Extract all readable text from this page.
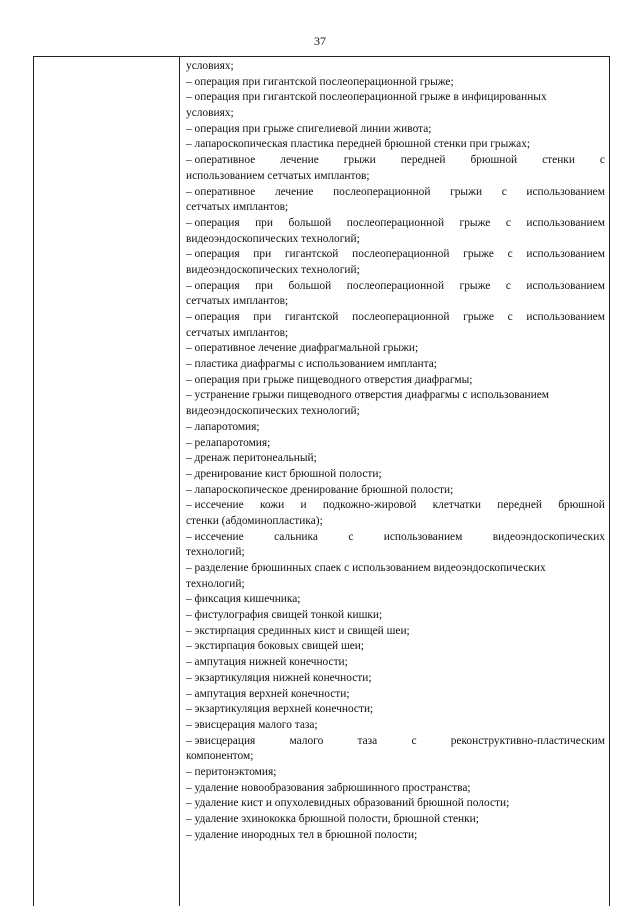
37
условиях;
– операция при гигантской послеоперационной грыже;
– операция при гигантской послеоперационной грыже в инфицированных
условиях;
– операция при грыже спигелиевой линии живота;
– лапароскопическая пластика передней брюшной стенки при грыжах;
– оперативное лечение грыжи передней брюшной стенки с
использованием сетчатых имплантов;
– оперативное лечение послеоперационной грыжи с использованием
сетчатых имплантов;
– операция при большой послеоперационной грыже с использованием
видеоэндоскопических технологий;
– операция при гигантской послеоперационной грыже с использованием
видеоэндоскопических технологий;
– операция при большой послеоперационной грыже с использованием
сетчатых имплантов;
– операция при гигантской послеоперационной грыже с использованием
сетчатых имплантов;
– оперативное лечение диафрагмальной грыжи;
– пластика диафрагмы с использованием импланта;
– операция при грыже пищеводного отверстия диафрагмы;
– устранение грыжи пищеводного отверстия диафрагмы с использованием
видеоэндоскопических технологий;
– лапаротомия;
– релапаротомия;
– дренаж перитонеальный;
– дренирование кист брюшной полости;
– лапароскопическое дренирование брюшной полости;
– иссечение кожи и подкожно-жировой клетчатки передней брюшной
стенки (абдоминопластика);
– иссечение	сальника	с	использованием	видеоэндоскопических
технологий;
– разделение брюшинных спаек с использованием видеоэндоскопических
технологий;
– фиксация кишечника;
– фистулография свищей тонкой кишки;
– экстирпация срединных кист и свищей шеи;
– экстирпация боковых свищей шеи;
– ампутация нижней конечности;
– экзартикуляция нижней конечности;
– ампутация верхней конечности;
– экзартикуляция верхней конечности;
– эвисцерация малого таза;
– эвисцерация	малого	таза	с	реконструктивно-пластическим
компонентом;
– перитонэктомия;
– удаление новообразования забрюшинного пространства;
– удаление кист и опухолевидных образований брюшной полости;
– удаление эхинококка брюшной полости, брюшной стенки;
– удаление инородных тел в брюшной полости;
